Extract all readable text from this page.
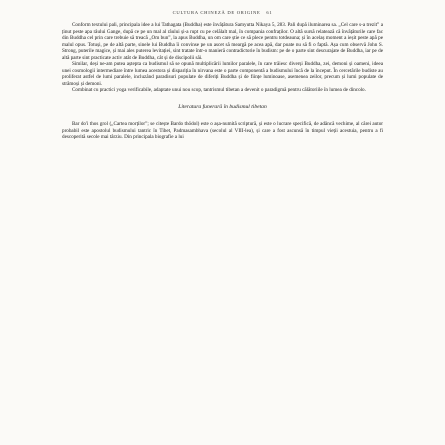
CULTURA CHINEZĂ DE ORIGINE 61

Conform textului pali, principala idee a lui Tathagata (Buddha) este învățătura Samyutta Nikaya 5, 283. Pali după iluminarea sa. „Cel care s-a trezit” a ținut peste apa râului Gange, după ce pe un mal al râului și-a rupt cu pe celălalt mal, în compania confraților. O altă sursă relatează că învățăturile care fac din Buddha cel prin care trebuie să treacă „Om bun”, la apus Buddha, un om care știe ce să plece pentru totdeauna; și în acelaș moment a ieșit peste apă pe malul opus. Totuși, pe de altă parte, sinele lui Buddha îi convinse pe un ascet să meargă pe acea apă, dar poate nu să fi o faptă. Așa cum observă John S. Strong, puterile magice, și mai ales puterea levitației, sint tratate într-o manieră contradictorie în budism: pe de o parte sint descurajate de Buddha, iar pe de altă parte sint practicate activ atât de Buddha, cât și de discipolii săi.

Similar, deși ne-am putea aștepta ca budismul să se opună multiplicării lumilor paralele, în care trăiesc diverși Buddha, zei, demoni și oameni, ideea unei cosmologii intermediare între lumea acestora și dispariția în nirvana este o parte componentă a budismului încă de la început. În cercetările budiste au proliferat astfel de lumi paralele, incluzând paradisuri populate de diferiți Buddha și de ființe luminoase, asemenea zeilor, precum și lumi populate de strămoși și demoni.

Combinat cu practici yoga verificabile, adaptate unui nou scop, tantrismul tibetan a devenit o paradigmă pentru călătoriile în lumea de dincolo.

Literatura funerară în budismul tibetan

Bar do'i thos grol („Cartea morților”; se citește Bardo thödol) este o așa-numită scriptură, și este o lucrare specifică, de adâncă vechime, al cărei autor probabil este apostolul budismului tantric în Tibet, Padmasambhava (secolul al VIII-lea), și care a fost ascunsă în timpul vieții acestuia, pentru a fi descoperită secole mai târziu. Din principala biografie a lui
